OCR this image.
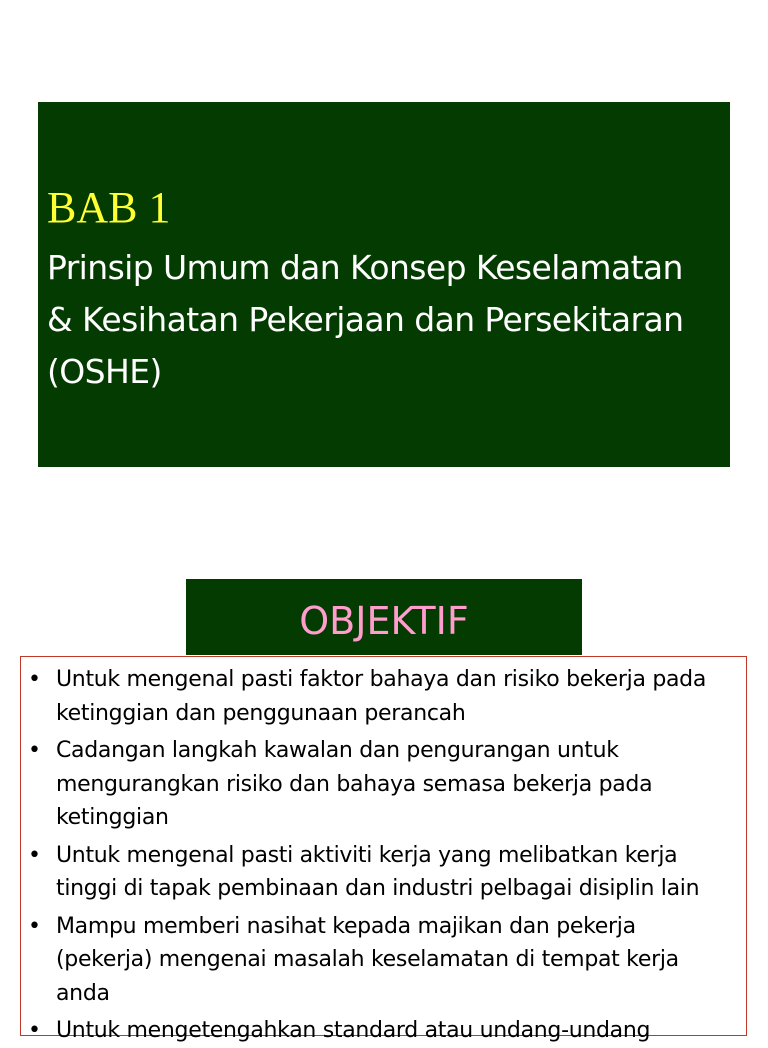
BAB 1

Prinsip Umum dan Konsep Keselamatan & Kesihatan Pekerjaan dan Persekitaran (OSHE)

OBJEKTIF
• Untuk mengenal pasti faktor bahaya dan risiko bekerja pada ketinggian dan penggunaan perancah
• Cadangan langkah kawalan dan pengurangan untuk mengurangkan risiko dan bahaya semasa bekerja pada ketinggian
• Untuk mengenal pasti aktiviti kerja yang melibatkan kerja tinggi di tapak pembinaan dan industri pelbagai disiplin lain
• Mampu memberi nasihat kepada majikan dan pekerja (pekerja) mengenai masalah keselamatan di tempat kerja anda
• Untuk mengetengahkan standard atau undang-undang
